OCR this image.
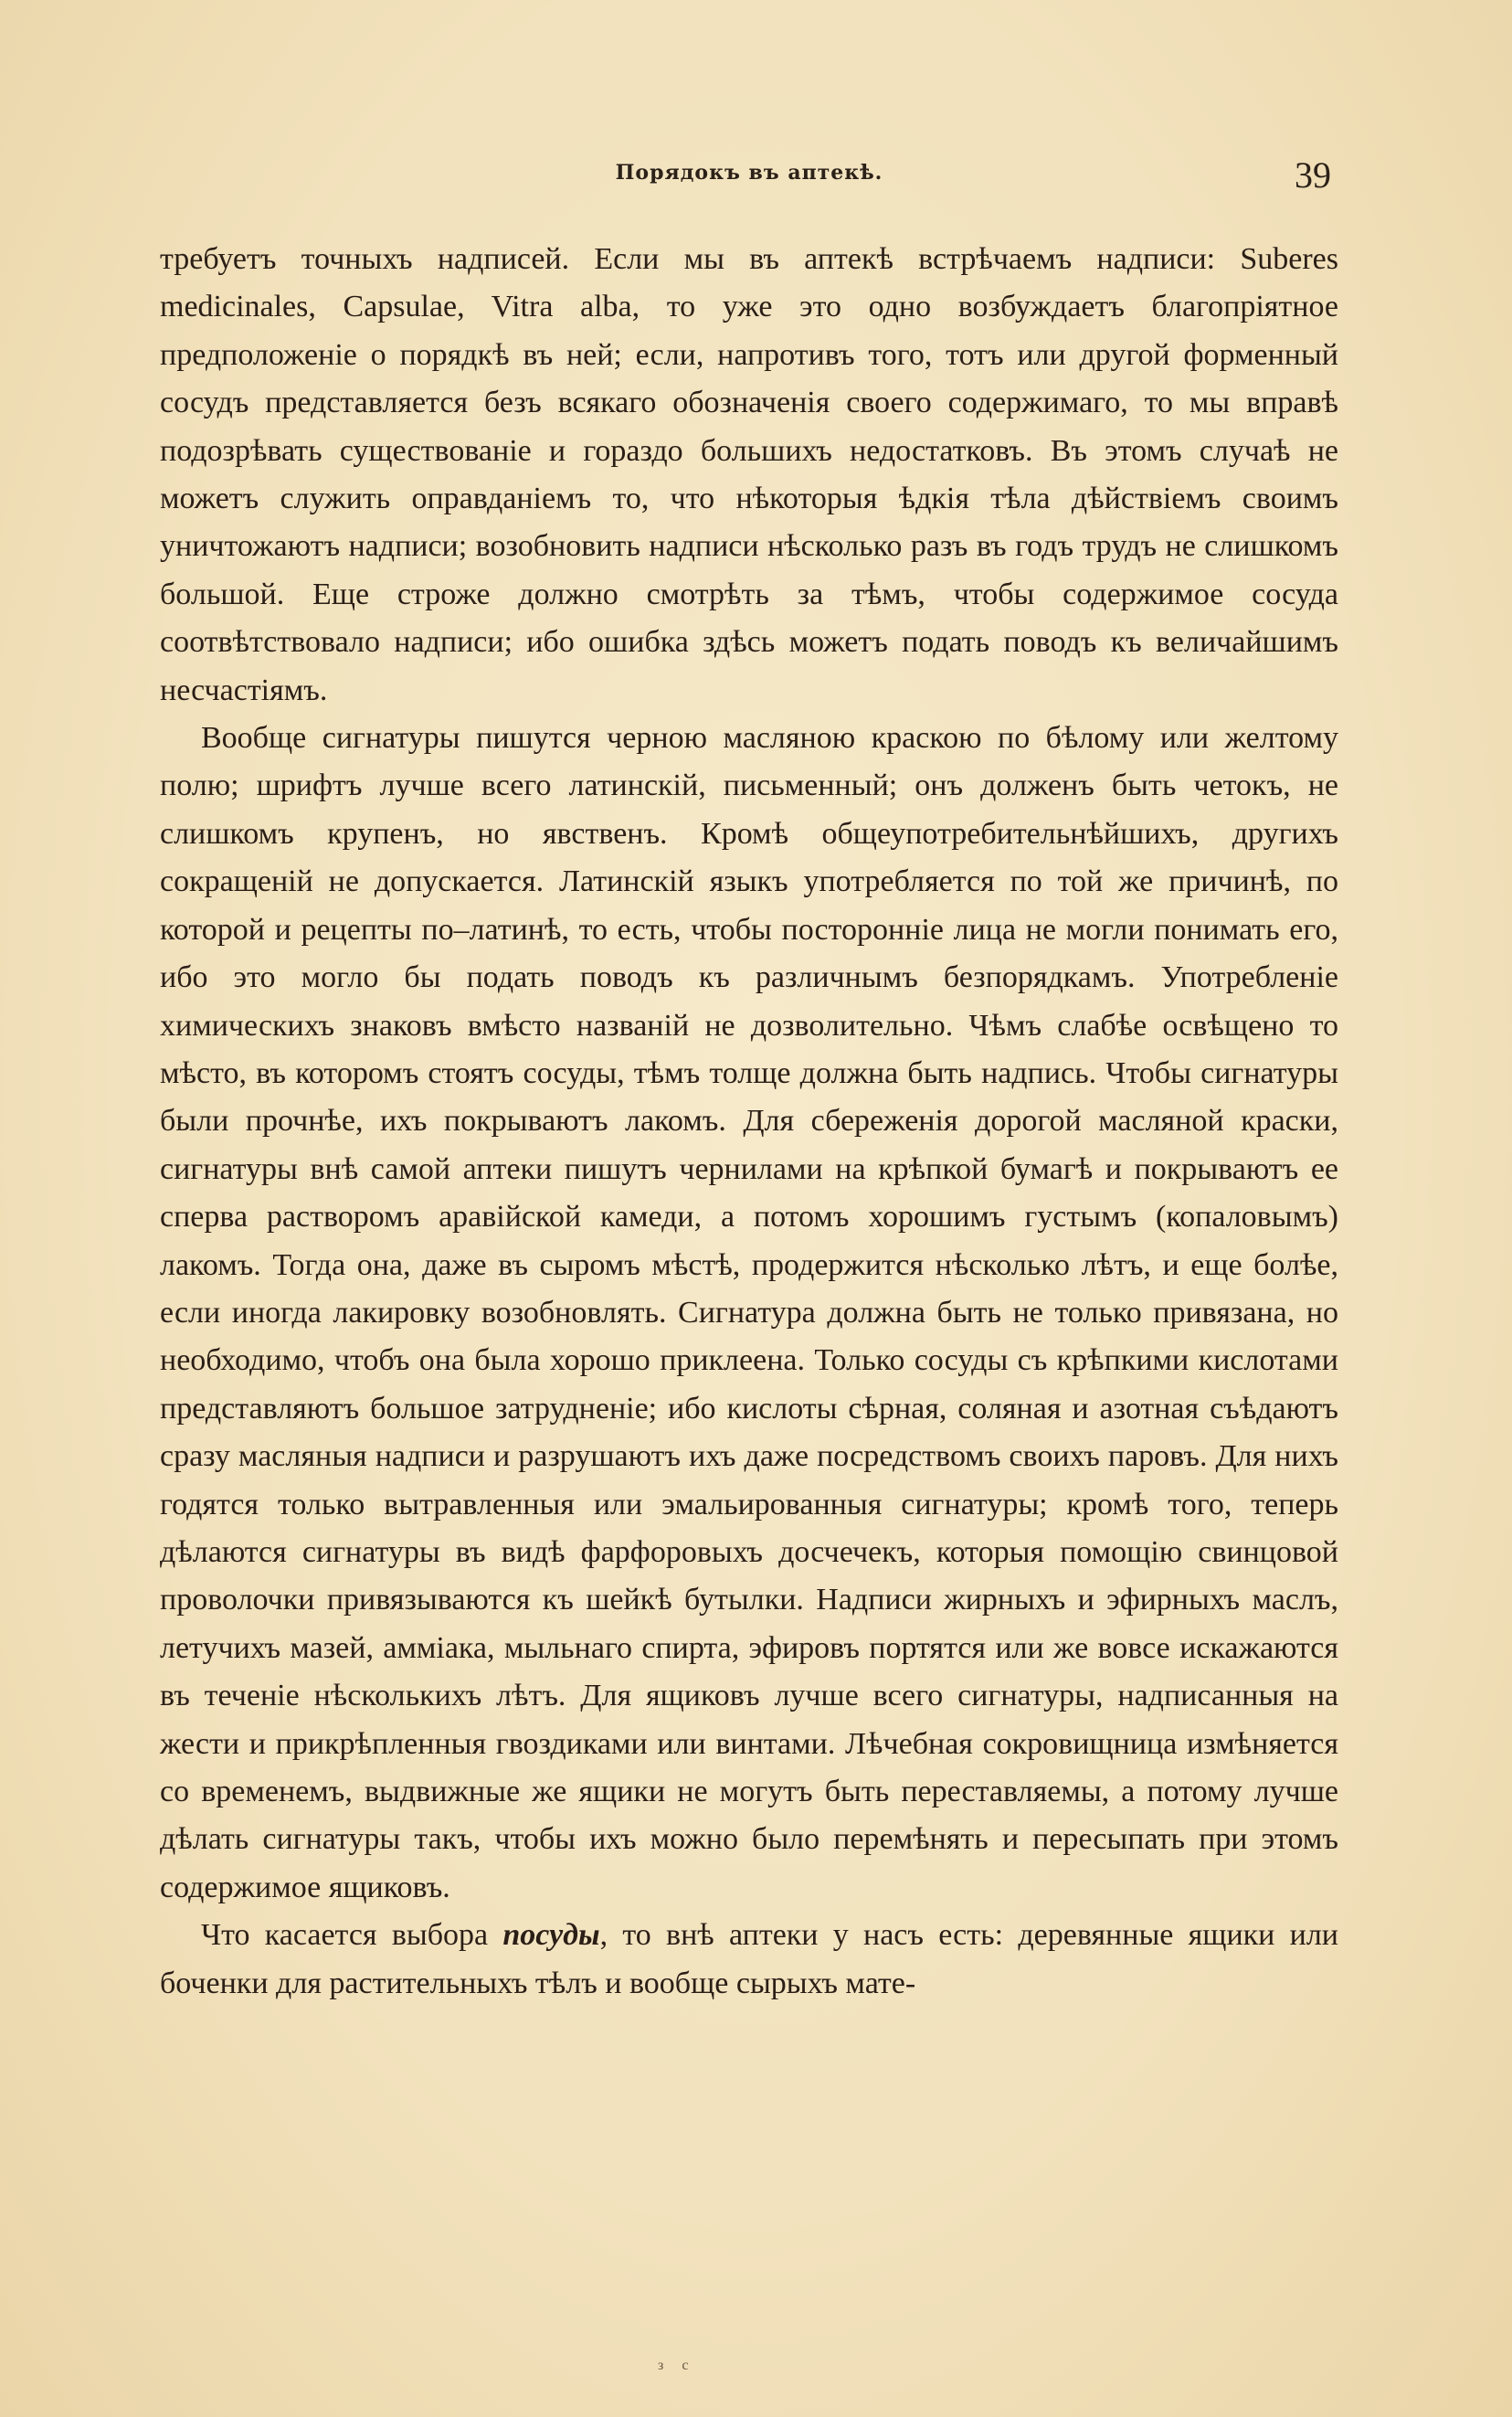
Порядокъ въ аптекѣ.	39

требуетъ точныхъ надписей. Если мы въ аптекѣ встрѣчаемъ надписи: Suberes medicinales, Capsulae, Vitra alba, то уже это одно возбуждаетъ благопріятное предположеніе о порядкѣ въ ней; если, напротивъ того, тотъ или другой форменный сосудъ представляется безъ всякаго обозначенія своего содержимаго, то мы вправѣ подозрѣвать существованіе и гораздо большихъ недостатковъ. Въ этомъ случаѣ не можетъ служить оправданіемъ то, что нѣкоторыя ѣдкія тѣла дѣйствіемъ своимъ уничтожаютъ надписи; возобновить надписи нѣсколько разъ въ годъ трудъ не слишкомъ большой. Еще строже должно смотрѣть за тѣмъ, чтобы содержимое сосуда соотвѣтствовало надписи; ибо ошибка здѣсь можетъ подать поводъ къ величайшимъ несчастіямъ.

Вообще сигнатуры пишутся черною масляною краскою по бѣлому или желтому полю; шрифтъ лучше всего латинскій, письменный; онъ долженъ быть четокъ, не слишкомъ крупенъ, но явственъ. Кромѣ общеупотребительнѣйшихъ, другихъ сокращеній не допускается. Латинскій языкъ употребляется по той же причинѣ, по которой и рецепты по–латинѣ, то есть, чтобы посторонніе лица не могли понимать его, ибо это могло бы подать поводъ къ различнымъ безпорядкамъ. Употребленіе химическихъ знаковъ вмѣсто названій не дозволительно. Чѣмъ слабѣе освѣщено то мѣсто, въ которомъ стоятъ сосуды, тѣмъ толще должна быть надпись. Чтобы сигнатуры были прочнѣе, ихъ покрываютъ лакомъ. Для сбереженія дорогой масляной краски, сигнатуры внѣ самой аптеки пишутъ чернилами на крѣпкой бумагѣ и покрываютъ ее сперва растворомъ аравійской камеди, а потомъ хорошимъ густымъ (копаловымъ) лакомъ. Тогда она, даже въ сыромъ мѣстѣ, продержится нѣсколько лѣтъ, и еще болѣе, если иногда лакировку возобновлять. Сигнатура должна быть не только привязана, но необходимо, чтобъ она была хорошо приклеена. Только сосуды съ крѣпкими кислотами представляютъ большое затрудненіе; ибо кислоты сѣрная, соляная и азотная съѣдаютъ сразу масляныя надписи и разрушаютъ ихъ даже посредствомъ своихъ паровъ. Для нихъ годятся только вытравленныя или эмальированныя сигнатуры; кромѣ того, теперь дѣлаются сигнатуры въ видѣ фарфоровыхъ досчечекъ, которыя помощію свинцовой проволочки привязываются къ шейкѣ бутылки. Надписи жирныхъ и эфирныхъ маслъ, летучихъ мазей, амміака, мыльнаго спирта, эфировъ портятся или же вовсе искажаются въ теченіе нѣсколькихъ лѣтъ. Для ящиковъ лучше всего сигнатуры, надписанныя на жести и прикрѣпленныя гвоздиками или винтами. Лѣчебная сокровищница измѣняется со временемъ, выдвижные же ящики не могутъ быть переставляемы, а потому лучше дѣлать сигнатуры такъ, чтобы ихъ можно было перемѣнять и пересыпать при этомъ содержимое ящиковъ.

Что касается выбора посуды, то внѣ аптеки у насъ есть: деревянные ящики или боченки для растительныхъ тѣлъ и вообще сырыхъ мате-

з с
